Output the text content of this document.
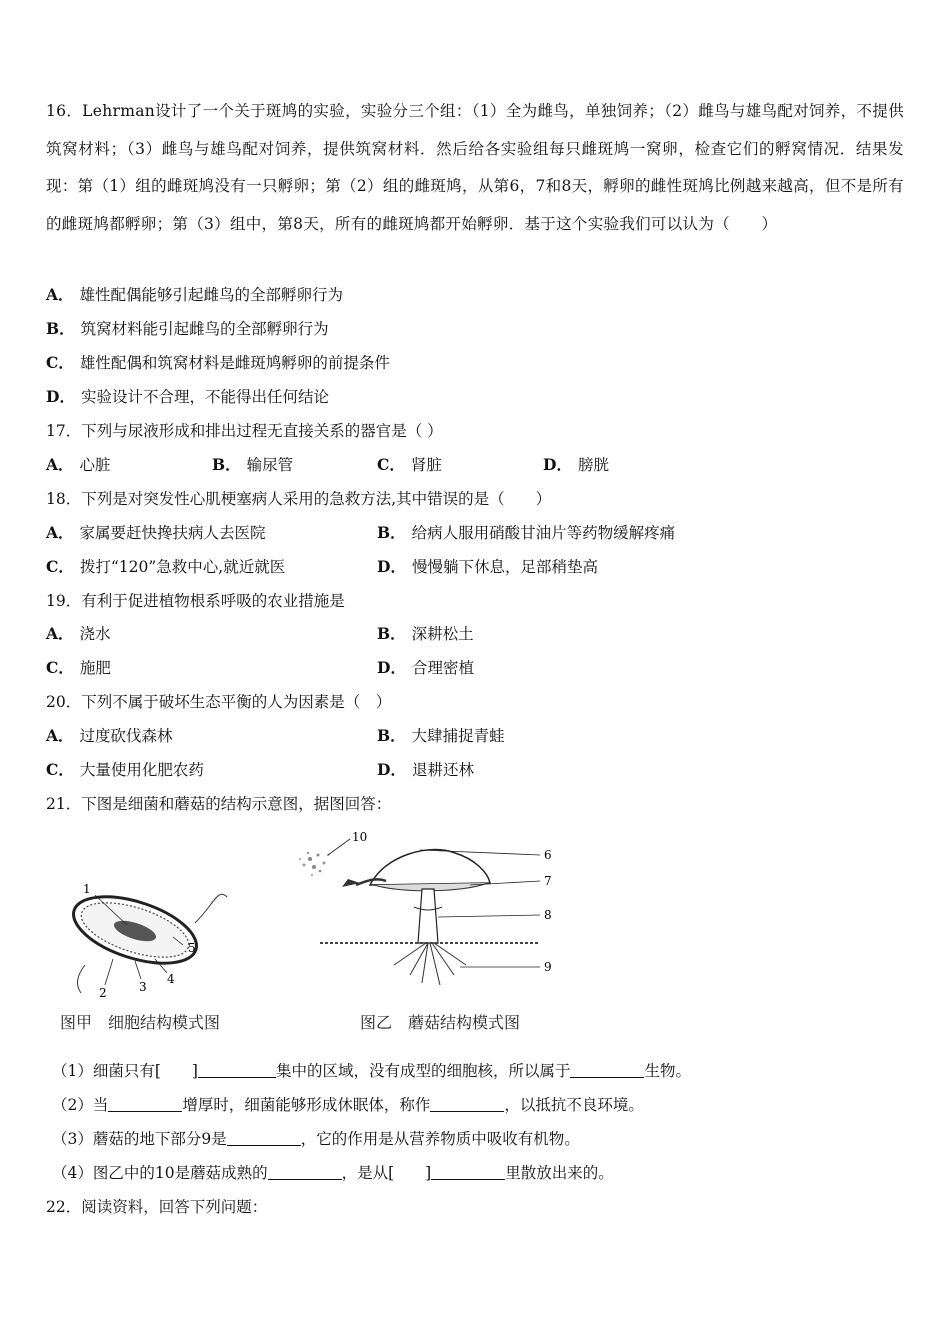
16．Lehrman设计了一个关于斑鸠的实验，实验分三个组：（1）全为雌鸟，单独饲养；（2）雌鸟与雄鸟配对饲养，不提供筑窝材料；（3）雌鸟与雄鸟配对饲养，提供筑窝材料．然后给各实验组每只雌斑鸠一窝卵，检查它们的孵窝情况．结果发现：第（1）组的雌斑鸠没有一只孵卵；第（2）组的雌斑鸠，从第6，7和8天，孵卵的雌性斑鸠比例越来越高，但不是所有的雌斑鸠都孵卵；第（3）组中，第8天，所有的雌斑鸠都开始孵卵．基于这个实验我们可以认为（　　）
A． 雄性配偶能够引起雌鸟的全部孵卵行为
B． 筑窝材料能引起雌鸟的全部孵卵行为
C． 雄性配偶和筑窝材料是雌斑鸠孵卵的前提条件
D． 实验设计不合理，不能得出任何结论
17．下列与尿液形成和排出过程无直接关系的器官是（ ）
A． 心脏	B． 输尿管	C． 肾脏	D． 膀胱
18．下列是对突发性心肌梗塞病人采用的急救方法,其中错误的是（　　）
A． 家属要赶快搀扶病人去医院	B． 给病人服用硝酸甘油片等药物缓解疼痛
C． 拨打“120”急救中心,就近就医	D． 慢慢躺下休息，足部稍垫高
19．有利于促进植物根系呼吸的农业措施是
A． 浇水	B． 深耕松土
C． 施肥	D． 合理密植
20．下列不属于破坏生态平衡的人为因素是（　）
A． 过度砍伐森林	B． 大肆捕捉青蛙
C． 大量使用化肥农药	D． 退耕还林
21．下图是细菌和蘑菇的结构示意图，据图回答：
1
2	3
4
5
图甲　细胞结构模式图
10
6
7
8
9
图乙　蘑菇结构模式图
（1）细菌只有[　　]	集中的区域，没有成型的细胞核，所以属于	生物。
（2）当	增厚时，细菌能够形成休眠体，称作	，以抵抗不良环境。
（3）蘑菇的地下部分9是	，它的作用是从营养物质中吸收有机物。
（4）图乙中的10是蘑菇成熟的	，是从[　　]	里散放出来的。
22．阅读资料，回答下列问题：
